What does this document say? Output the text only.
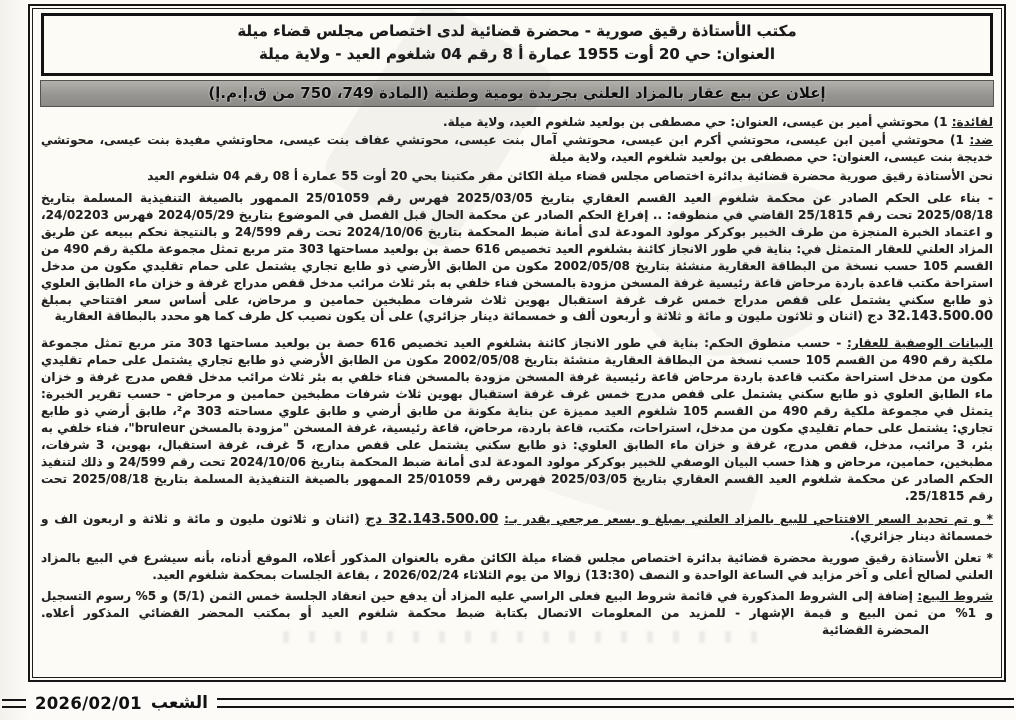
مكتب الأستاذة رقيق صورية - محضرة قضائية لدى اختصاص مجلس قضاء ميلة
العنوان: حي 20 أوت 1955 عمارة أ 8 رقم 04 شلغوم العيد - ولاية ميلة
إعلان عن بيع عقار بالمزاد العلني بجريدة يومية وطنية (المادة 749، 750 من ق.إ.م.إ)

لفائدة: 1) محوتشي أمير بن عيسى، العنوان: حي مصطفى بن بولعيد شلغوم العيد، ولاية ميلة.

ضد: 1) محوتشي أمين ابن عيسى، محوتشي أكرم ابن عيسى، محوتشي آمال بنت عيسى، محوتشي عفاف بنت عيسى، محاوتشي مفيدة بنت عيسى، محوتشي خديجة بنت عيسى، العنوان: حي مصطفى بن بولعيد شلغوم العيد، ولاية ميلة

نحن الأستاذة رقيق صورية محضرة قضائية بدائرة اختصاص مجلس قضاء ميلة الكائن مقر مكتبنا بحي 20 أوت 55 عمارة أ 08 رقم 04 شلغوم العيد

- بناء على الحكم الصادر عن محكمة شلغوم العيد القسم العقاري بتاريخ 2025/03/05 فهرس رقم 25/01059 الممهور بالصيغة التنفيذية المسلمة بتاريخ 2025/08/18 تحت رقم 25/1815 القاضي في منطوقه: .. إفراغ الحكم الصادر عن محكمة الحال قبل الفصل في الموضوع بتاريخ 2024/05/29 فهرس 24/02203، و اعتماد الخبرة المنجزة من طرف الخبير بوكركر مولود المودعة لدى أمانة ضبط المحكمة بتاريخ 2024/10/06 تحت رقم 24/599 و بالنتيجة نحكم ببيعه عن طريق المزاد العلني للعقار المتمثل في: بناية في طور الانجاز كائنة بشلغوم العيد تخصيص 616 حصة بن بولعيد مساحتها 303 متر مربع تمثل مجموعة ملكية رقم 490 من القسم 105 حسب نسخة من البطاقة العقارية منشئة بتاريخ 2002/05/08 مكون من الطابق الأرضي ذو طابع تجاري يشتمل على حمام تقليدي مكون من مدخل استراحة مكتب قاعدة باردة مرحاض قاعة رئيسية غرفة المسخن مزودة بالمسخن فناء خلفي به بئر ثلاث مرائب مدخل قفص مدراج غرفة و خزان ماء الطابق العلوي ذو طابع سكني يشتمل على قفص مدراج خمس غرف غرفة استقبال بهوين ثلاث شرفات مطبخين حمامين و مرحاض، على أساس سعر افتتاحي بمبلغ 32.143.500.00 دج (اثنان و ثلاثون مليون و مائة و ثلاثة و أربعون ألف و خمسمائة دينار جزائري) على أن يكون نصيب كل طرف كما هو محدد بالبطاقة العقارية

البيانات الوصفية للعقار: - حسب منطوق الحكم: بناية في طور الانجاز كائنة بشلغوم العيد تخصيص 616 حصة بن بولعيد مساحتها 303 متر مربع تمثل مجموعة ملكية رقم 490 من القسم 105 حسب نسخة من البطاقة العقارية منشئة بتاريخ 2002/05/08 مكون من الطابق الأرضي ذو طابع تجاري يشتمل على حمام تقليدي مكون من مدخل استراحة مكتب قاعدة باردة مرحاض قاعة رئيسية غرفة المسخن مزودة بالمسخن فناء خلفي به بئر ثلاث مرائب مدخل قفص مدرج غرفة و خزان ماء الطابق العلوي ذو طابع سكني يشتمل على قفص مدرج خمس غرف غرفة استقبال بهوين ثلاث شرفات مطبخين حمامين و مرحاض - حسب تقرير الخبرة: يتمثل في مجموعة ملكية رقم 490 من القسم 105 شلغوم العيد مميزة عن بناية مكونة من طابق أرضي و طابق علوي مساحته 303 م²، طابق أرضي ذو طابع تجاري: يشتمل على حمام تقليدي مكون من مدخل، استراحات، مكتب، قاعة باردة، مرحاض، قاعة رئيسية، غرفة المسخن "مزودة بالمسخن bruleur"، فناء خلفي به بئر، 3 مرائب، مدخل، قفص مدرج، غرفة و خزان ماء الطابق العلوي: ذو طابع سكني يشتمل على قفص مدارج، 5 غرف، غرفة استقبال، بهوين، 3 شرفات، مطبخين، حمامين، مرحاض و هذا حسب البيان الوصفي للخبير بوكركر مولود المودعة لدى أمانة ضبط المحكمة بتاريخ 2024/10/06 تحت رقم 24/599 و ذلك لتنفيذ الحكم الصادر عن محكمة شلغوم العيد القسم العقاري بتاريخ 2025/03/05 فهرس رقم 25/01059 الممهور بالصيغة التنفيذية المسلمة بتاريخ 2025/08/18 تحت رقم 25/1815.

* و تم تحديد السعر الافتتاحي للبيع بالمزاد العلني بمبلغ و بسعر مرجعي يقدر بـ: 32.143.500.00 دج (اثنان و ثلاثون مليون و مائة و ثلاثة و اربعون الف و خمسمائة دينار جزائري).

* تعلن الأستاذة رقيق صورية محضرة قضائية بدائرة اختصاص مجلس قضاء ميلة الكائن مقره بالعنوان المذكور أعلاه، الموقع أدناه، بأنه سيشرع في البيع بالمزاد العلني لصالح أعلى و آخر مزايد في الساعة الواحدة و النصف (13:30) زوالا من يوم الثلاثاء 2026/02/24 ، بقاعة الجلسات بمحكمة شلغوم العيد.

شروط البيع: إضافة إلى الشروط المذكورة في قائمة شروط البيع فعلى الراسي عليه المزاد أن يدفع حين انعقاد الجلسة خمس الثمن (5/1) و 5% رسوم التسجيل و 1% من ثمن البيع و قيمة الإشهار - للمزيد من المعلومات الاتصال بكتابة ضبط محكمة شلغوم العيد أو بمكتب المحضر القضائي المذكور أعلاه. المحضرة القضائية

2026/02/01 الشعب
